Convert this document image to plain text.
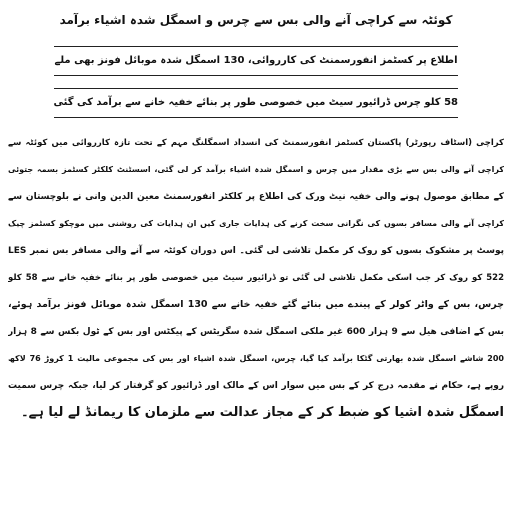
کوئٹہ سے کراچی آنے والی بس سے چرس و اسمگل شدہ اشیاء برآمد
اطلاع پر کسٹمز انفورسمنٹ کی کارروائی، 130 اسمگل شدہ موبائل فونز بھی ملے
58 کلو چرس ڈرائیور سیٹ میں خصوصی طور پر بنائے خفیہ خانے سے برآمد کی گئی
کراچی (اسٹاف رپورٹر) پاکستان کسٹمز انفورسمنٹ کی انسداد اسمگلنگ مہم کے تحت تازہ کارروائی میں کوئٹہ سے
کراچی آنے والی بس سے بڑی مقدار میں چرس و اسمگل شدہ اشیاء برآمد کر لی گئی، اسسٹنٹ کلکٹر کسٹمز بسمہ جتوئی
کے مطابق موصول ہونے والی خفیہ نیٹ ورک کی اطلاع پر کلکٹر انفورسمنٹ معین الدین وانی نے بلوچستان سے
کراچی آنے والی مسافر بسوں کی نگرانی سخت کرنے کی ہدایات جاری کیں ان ہدایات کی روشنی میں موچکو کسٹمز چیک
پوسٹ پر مشکوک بسوں کو روک کر مکمل تلاشی لی گئی۔ اس دوران کوئٹہ سے آنے والی مسافر بس نمبر LES
522 کو روک کر جب اسکی مکمل تلاشی لی گئی تو ڈرائیور سیٹ میں خصوصی طور پر بنائے خفیہ خانے سے 58 کلو
چرس، بس کے واٹر کولر کے پیندے میں بنائے گئے خفیہ خانے سے 130 اسمگل شدہ موبائل فونز برآمد ہوئے،
بس کے اضافی ھیل سے 9 ہزار 600 غیر ملکی اسمگل شدہ سگریٹس کے پیکٹس اور بس کے ٹول بکس سے 8 ہزار
200 شاشے اسمگل شدہ بھارتی گٹکا برآمد کیا گیا، چرس، اسمگل شدہ اشیاء اور بس کی مجموعی مالیت 1 کروڑ 76 لاکھ
روپے ہے، حکام نے مقدمہ درج کر کے بس میں سوار اس کے مالک اور ڈرائیور کو گرفتار کر لیا، جبکہ چرس سمیت
اسمگل شدہ اشیا کو ضبط کر کے مجاز عدالت سے ملزمان کا ریمانڈ لے لیا ہے۔
